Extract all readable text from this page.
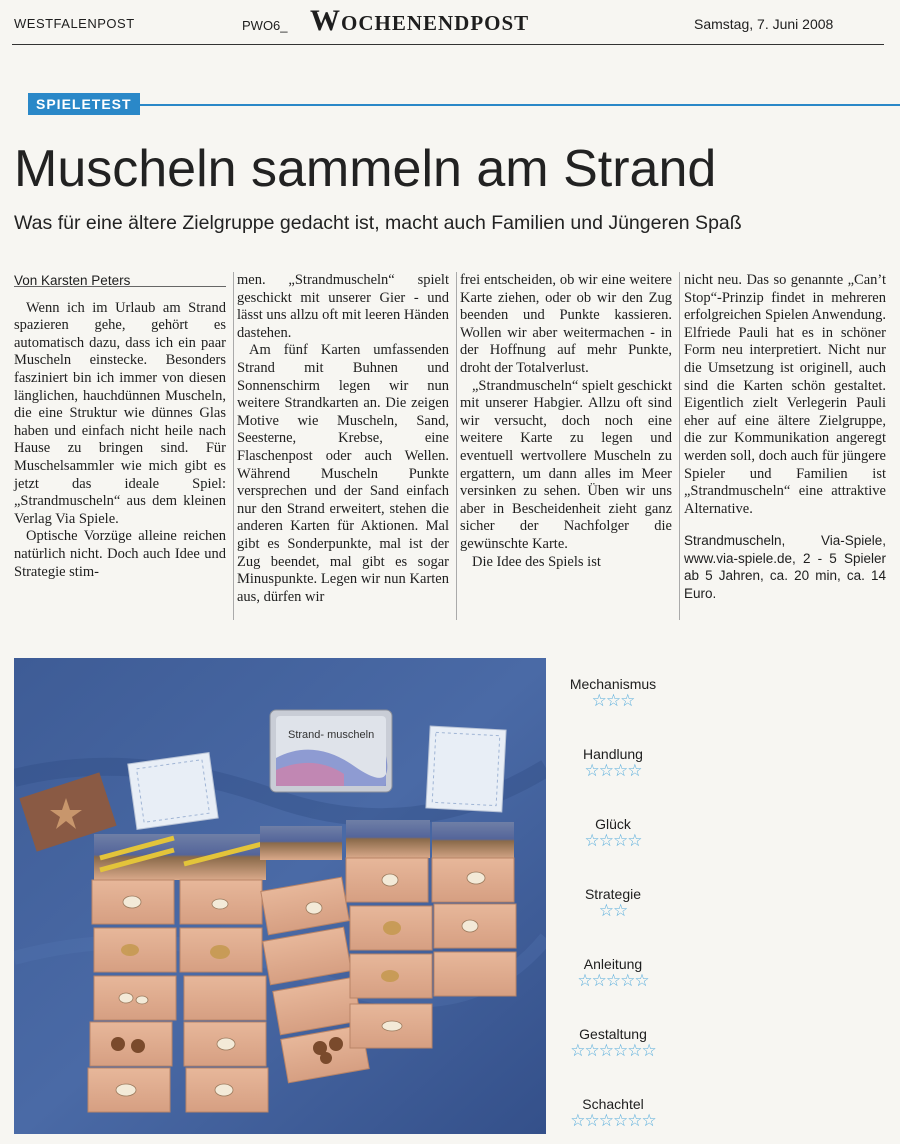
WESTFALENPOST	PWO6_ Wochenendpost	Samstag, 7. Juni 2008
SPIELETEST
Muscheln sammeln am Strand
Was für eine ältere Zielgruppe gedacht ist, macht auch Familien und Jüngeren Spaß

Von Karsten Peters

Wenn ich im Urlaub am Strand spazieren gehe, gehört es automatisch dazu, dass ich ein paar Muscheln einstecke. Besonders fasziniert bin ich immer von diesen länglichen, hauchdünnen Muscheln, die eine Struktur wie dünnes Glas haben und einfach nicht heile nach Hause zu bringen sind. Für Muschelsammler wie mich gibt es jetzt das ideale Spiel: „Strandmuscheln“ aus dem kleinen Verlag Via Spiele.

Optische Vorzüge alleine reichen natürlich nicht. Doch auch Idee und Strategie stim-

men. „Strandmuscheln“ spielt geschickt mit unserer Gier - und lässt uns allzu oft mit leeren Händen dastehen.

Am fünf Karten umfassenden Strand mit Buhnen und Sonnenschirm legen wir nun weitere Strandkarten an. Die zeigen Motive wie Muscheln, Sand, Seesterne, Krebse, eine Flaschenpost oder auch Wellen. Während Muscheln Punkte versprechen und der Sand einfach nur den Strand erweitert, stehen die anderen Karten für Aktionen. Mal gibt es Sonderpunkte, mal ist der Zug beendet, mal gibt es sogar Minuspunkte. Legen wir nun Karten aus, dürfen wir

frei entscheiden, ob wir eine weitere Karte ziehen, oder ob wir den Zug beenden und Punkte kassieren. Wollen wir aber weitermachen - in der Hoffnung auf mehr Punkte, droht der Totalverlust.

„Strandmuscheln“ spielt geschickt mit unserer Habgier. Allzu oft sind wir versucht, doch noch eine weitere Karte zu legen und eventuell wertvollere Muscheln zu ergattern, um dann alles im Meer versinken zu sehen. Üben wir uns aber in Bescheidenheit zieht ganz sicher der Nachfolger die gewünschte Karte.

Die Idee des Spiels ist

nicht neu. Das so genannte „Can’t Stop“-Prinzip findet in mehreren erfolgreichen Spielen Anwendung. Elfriede Pauli hat es in schöner Form neu interpretiert. Nicht nur die Umsetzung ist originell, auch sind die Karten schön gestaltet. Eigentlich zielt Verlegerin Pauli eher auf eine ältere Zielgruppe, die zur Kommunikation angeregt werden soll, doch auch für jüngere Spieler und Familien ist „Strandmuscheln“ eine attraktive Alternative.

Strandmuscheln, Via-Spiele, www.via-spiele.de, 2 - 5 Spieler ab 5 Jahren, ca. 20 min, ca. 14 Euro.

Strand- muscheln
Mechanismus
☆☆☆
Handlung
☆☆☆☆
Glück
☆☆☆☆
Strategie
☆☆
Anleitung
☆☆☆☆☆
Gestaltung
☆☆☆☆☆☆
Schachtel
☆☆☆☆☆☆
